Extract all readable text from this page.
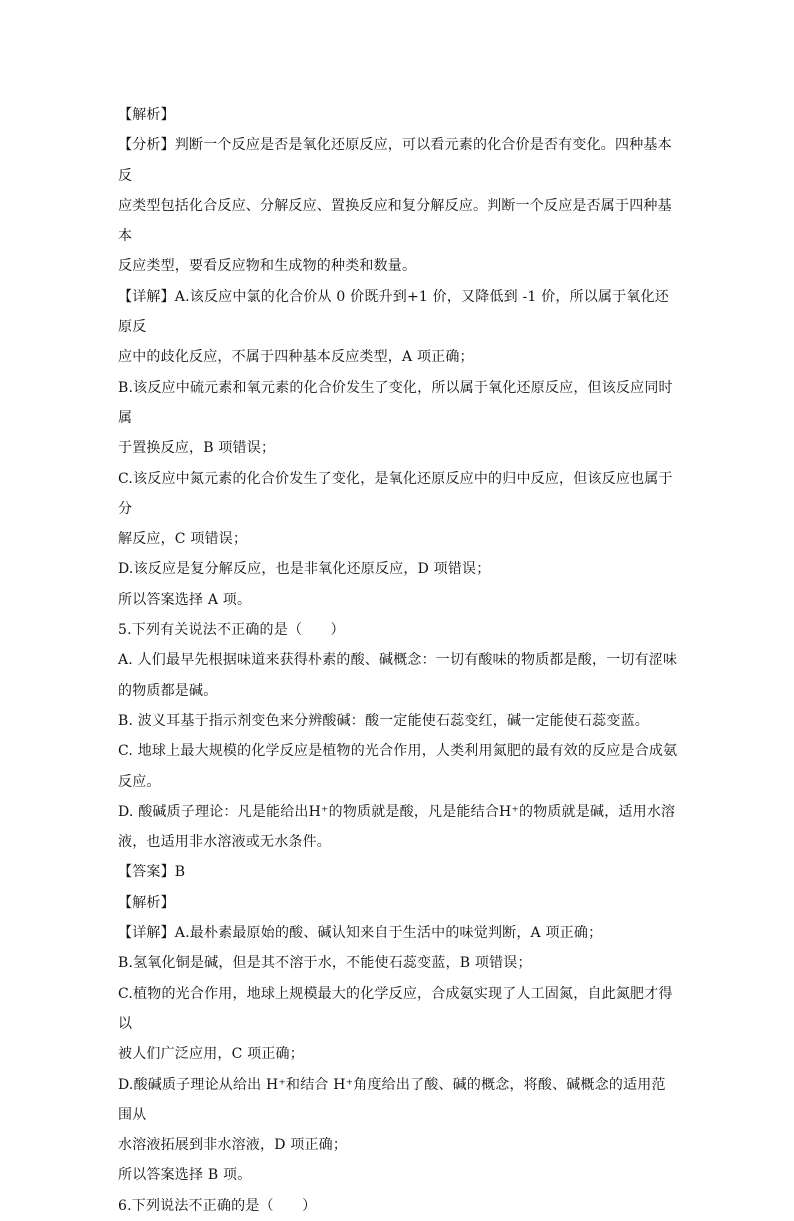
【解析】

【分析】判断一个反应是否是氧化还原反应，可以看元素的化合价是否有变化。四种基本反

应类型包括化合反应、分解反应、置换反应和复分解反应。判断一个反应是否属于四种基本

反应类型，要看反应物和生成物的种类和数量。

【详解】A.该反应中氯的化合价从 0 价既升到+1 价，又降低到 -1 价，所以属于氧化还原反

应中的歧化反应，不属于四种基本反应类型，A 项正确；

B.该反应中硫元素和氧元素的化合价发生了变化，所以属于氧化还原反应，但该反应同时属

于置换反应，B 项错误；

C.该反应中氮元素的化合价发生了变化，是氧化还原反应中的归中反应，但该反应也属于分

解反应，C 项错误；

D.该反应是复分解反应，也是非氧化还原反应，D 项错误；

所以答案选择 A 项。

5.下列有关说法不正确的是（　　）

A. 人们最早先根据味道来获得朴素的酸、碱概念：一切有酸味的物质都是酸，一切有涩味

的物质都是碱。

B. 波义耳基于指示剂变色来分辨酸碱：酸一定能使石蕊变红，碱一定能使石蕊变蓝。

C. 地球上最大规模的化学反应是植物的光合作用，人类利用氮肥的最有效的反应是合成氨

反应。

D. 酸碱质子理论：凡是能给出H⁺的物质就是酸，凡是能结合H⁺的物质就是碱，适用水溶

液，也适用非水溶液或无水条件。

【答案】B

【解析】

【详解】A.最朴素最原始的酸、碱认知来自于生活中的味觉判断，A 项正确；

B.氢氧化铜是碱，但是其不溶于水，不能使石蕊变蓝，B 项错误；

C.植物的光合作用，地球上规模最大的化学反应，合成氨实现了人工固氮，自此氮肥才得以

被人们广泛应用，C 项正确；

D.酸碱质子理论从给出 H⁺和结合 H⁺角度给出了酸、碱的概念，将酸、碱概念的适用范围从

水溶液拓展到非水溶液，D 项正确；

所以答案选择 B 项。

6.下列说法不正确的是（　　）
